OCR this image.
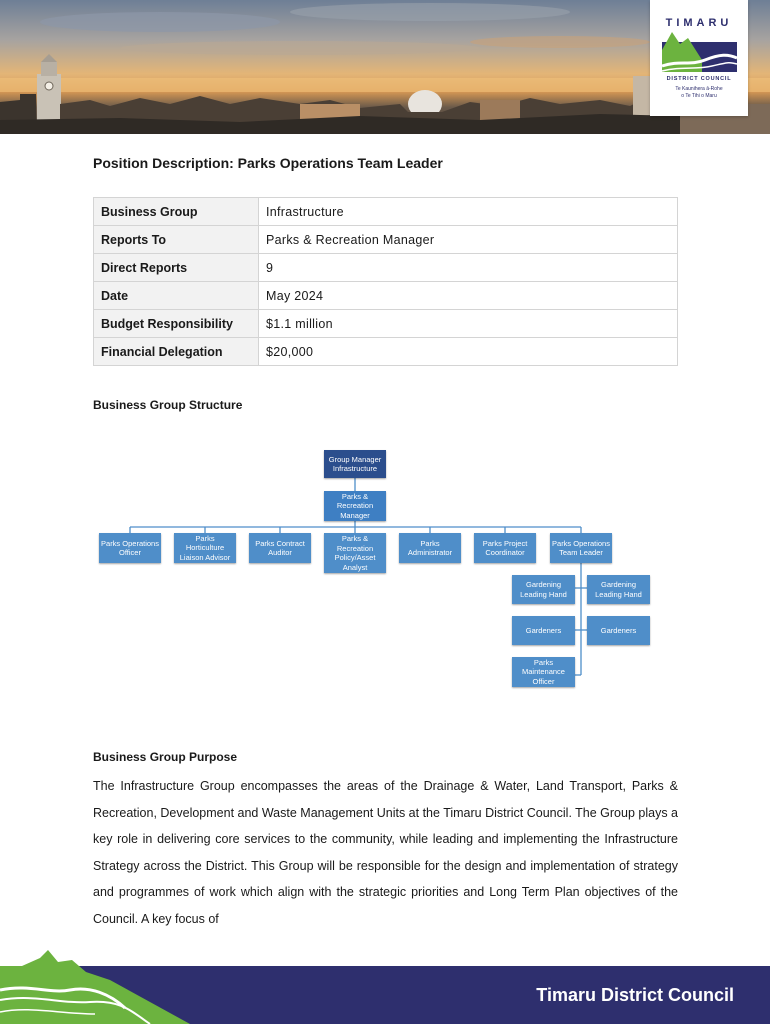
TIMARU
DISTRICT COUNCIL
Te Kaunihera ā-Rohe
o Te Tihi o Maru
Position Description: Parks Operations Team Leader
Business Group	Infrastructure
Reports To	Parks & Recreation Manager
Direct Reports	9
Date	May 2024
Budget Responsibility	$1.1 million
Financial Delegation	$20,000
Business Group Structure
Group Manager Infrastructure
Parks & Recreation Manager
Parks Operations Officer
Parks Horticulture Liaison Advisor
Parks Contract Auditor
Parks & Recreation Policy/Asset Analyst
Parks Administrator
Parks Project Coordinator
Parks Operations Team Leader
Gardening Leading Hand
Gardening Leading Hand
Gardeners	Gardeners
Parks Maintenance Officer
Business Group Purpose
The Infrastructure Group encompasses the areas of the Drainage & Water, Land Transport, Parks & Recreation, Development and Waste Management Units at the Timaru District Council. The Group plays a key role in delivering core services to the community, while leading and implementing the Infrastructure Strategy across the District. This Group will be responsible for the design and implementation of strategy and programmes of work which align with the strategic priorities and Long Term Plan objectives of the Council. A key focus of
Timaru District Council
